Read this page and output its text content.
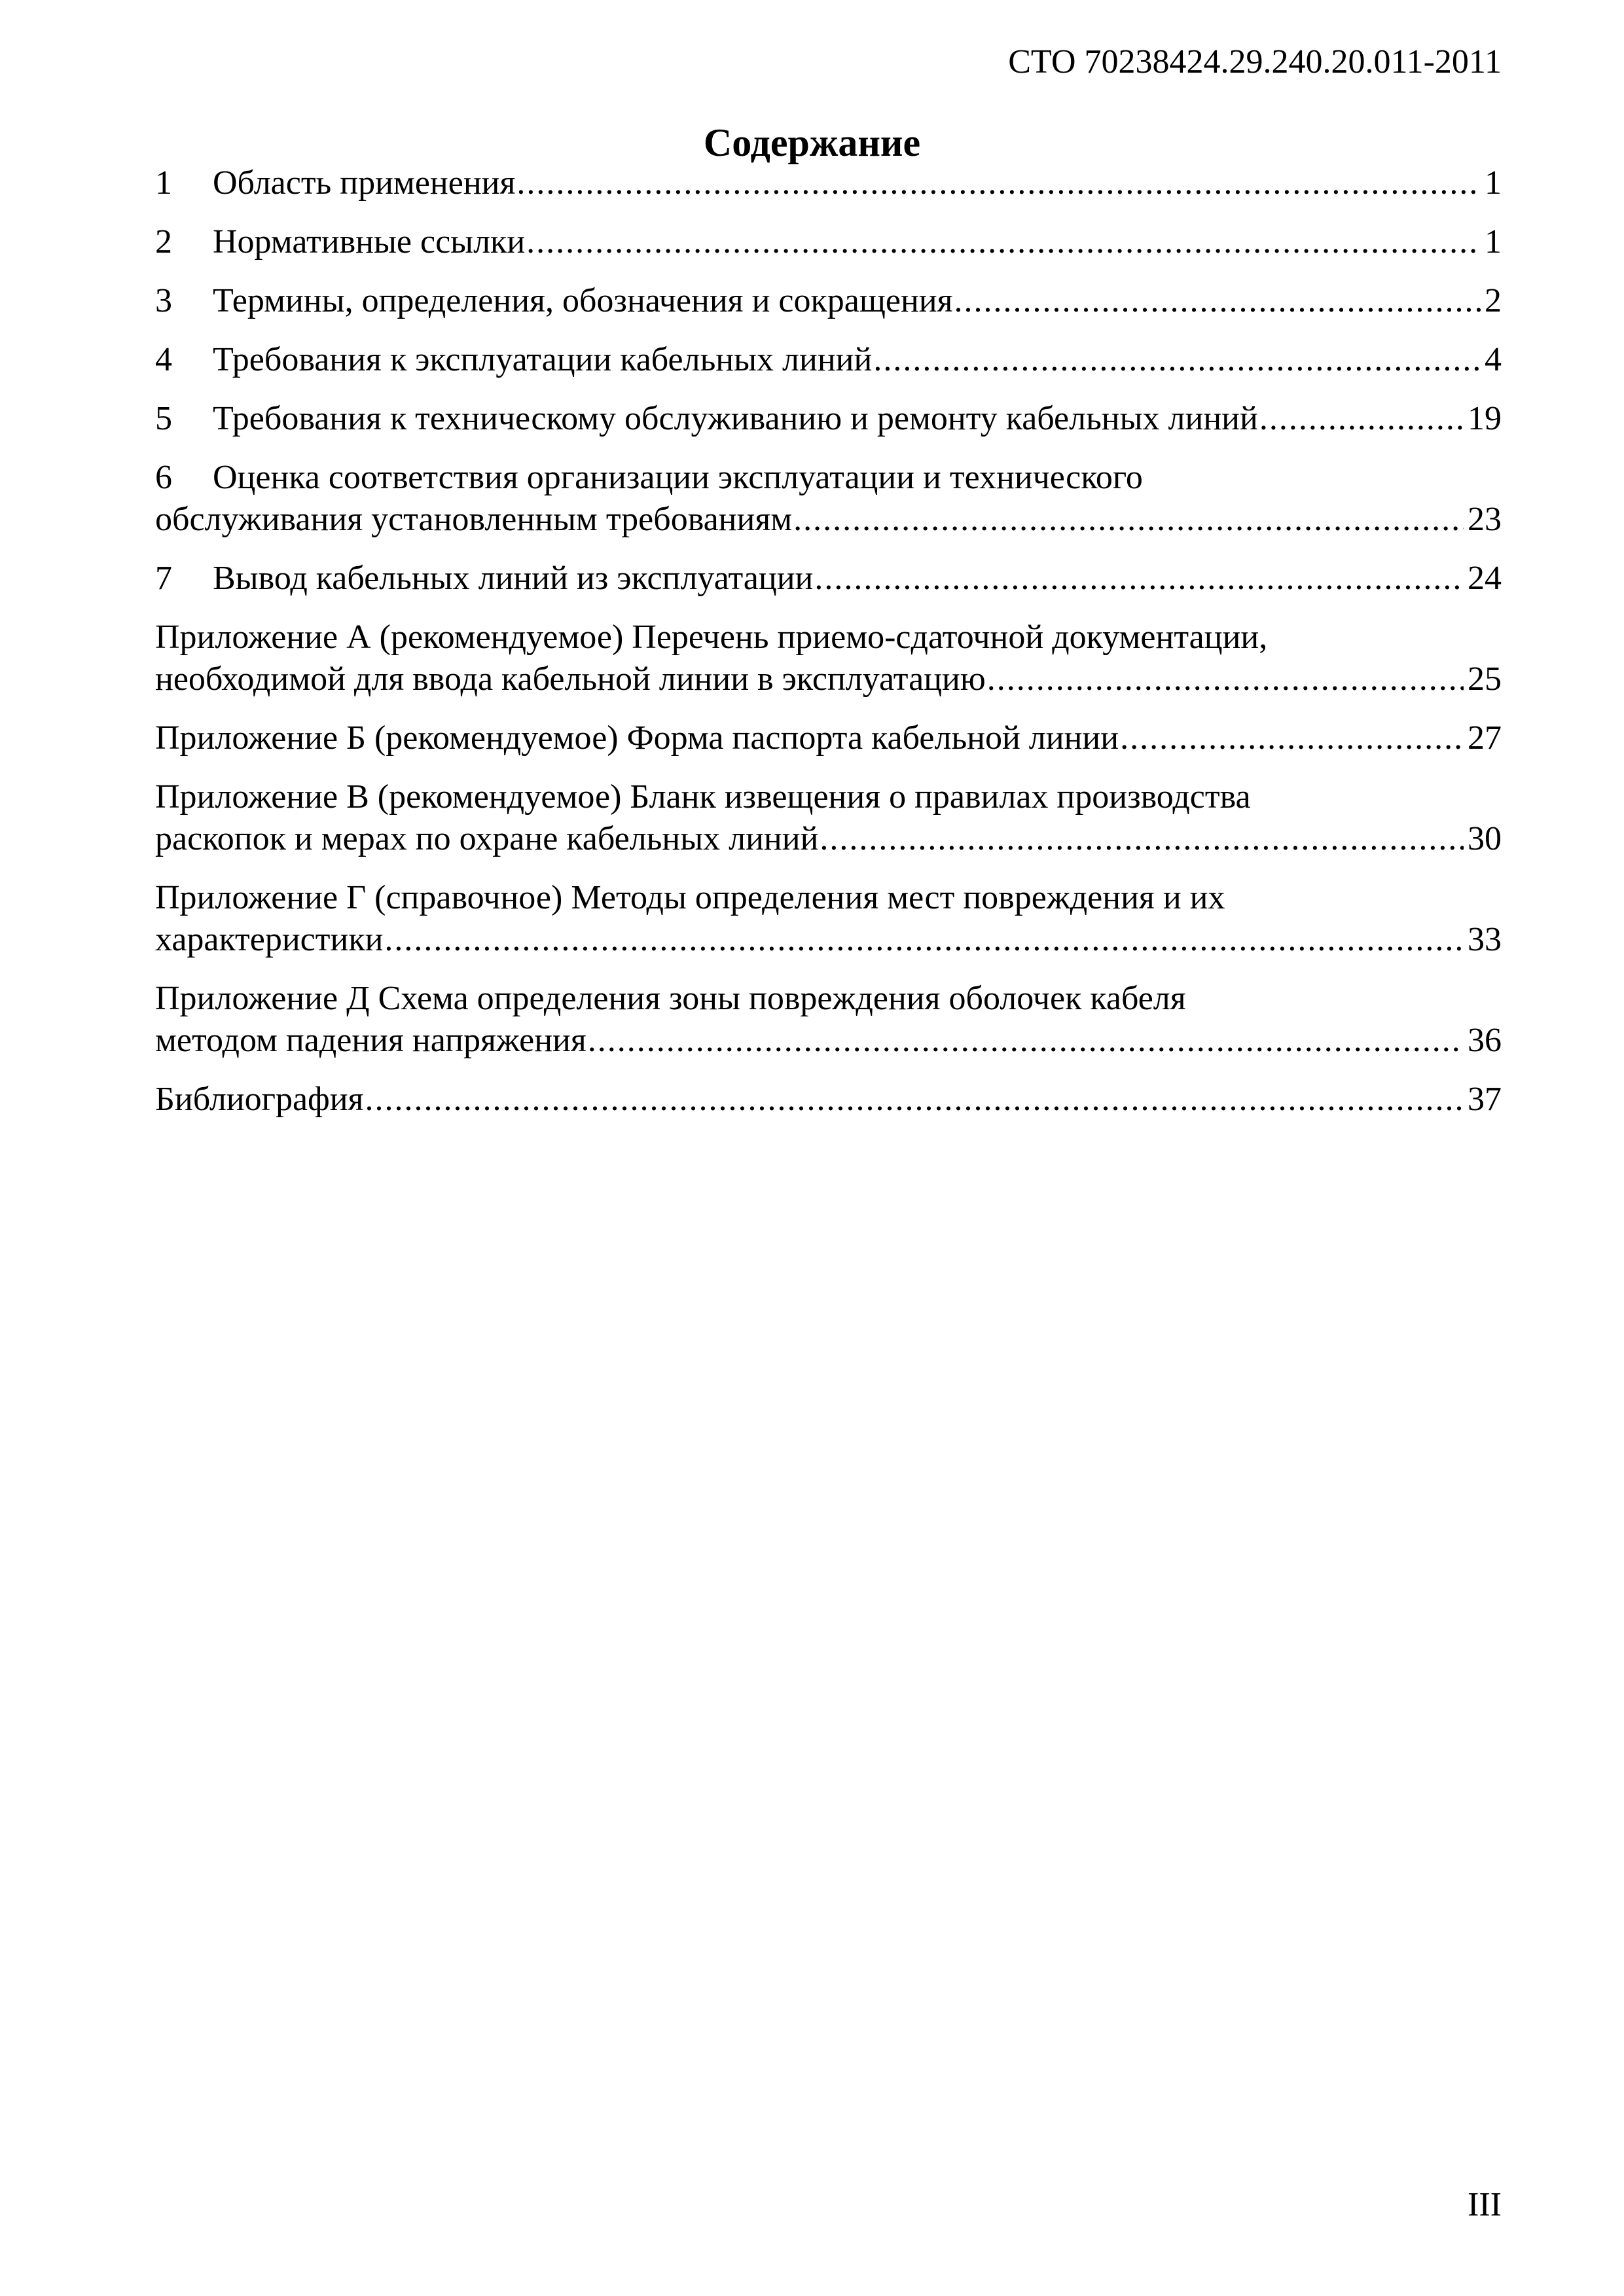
СТО 70238424.29.240.20.011-2011
Содержание
1	Область применения .....	1
2	Нормативные ссылки .....	1
3	Термины, определения, обозначения и сокращения .....	2
4	Требования к эксплуатации кабельных линий .....	4
5	Требования к техническому обслуживанию и ремонту кабельных линий .....	19
6	Оценка соответствия организации эксплуатации и технического
обслуживания установленным требованиям .....	23
7	Вывод кабельных линий из эксплуатации .....	24
Приложение А (рекомендуемое) Перечень приемо-сдаточной документации,
необходимой для ввода кабельной линии в эксплуатацию .....	25
Приложение Б (рекомендуемое) Форма паспорта кабельной линии .....	27
Приложение В (рекомендуемое) Бланк извещения о правилах производства
раскопок и мерах по охране кабельных линий .....	30
Приложение Г (справочное) Методы определения мест повреждения и их
характеристики .....	33
Приложение Д Схема определения зоны повреждения оболочек кабеля
методом падения напряжения .....	36
Библиография .....	37
III
